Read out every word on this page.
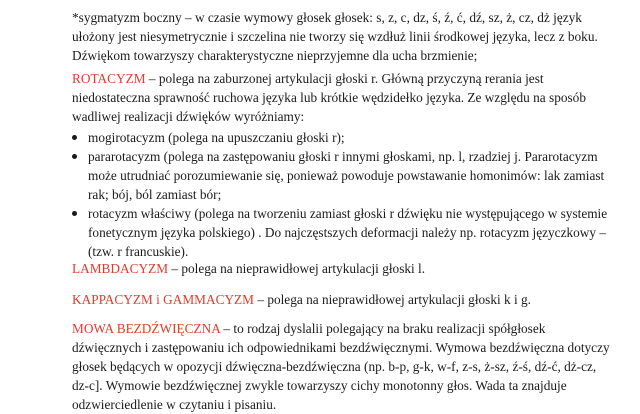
*sygmatyzm boczny – w czasie wymowy głosek głosek: s, z, c, dz, ś, ź, ć, dź, sz, ż, cz, dż język ułożony jest niesymetrycznie i szczelina nie tworzy się wzdłuż linii środkowej języka, lecz z boku. Dźwiękom towarzyszy charakterystyczne nieprzyjemne dla ucha brzmienie;

ROTACYZM – polega na zaburzonej artykulacji głoski r. Główną przyczyną rerania jest niedostateczna sprawność ruchowa języka lub krótkie wędzidełko języka. Ze względu na sposób wadliwej realizacji dźwięków wyróżniamy:

mogirotacyzm (polega na upuszczaniu głoski r);
pararotacyzm (polega na zastępowaniu głoski r innymi głoskami, np. l, rzadziej j. Pararotacyzm może utrudniać porozumiewanie się, ponieważ powoduje powstawanie homonimów: lak zamiast rak; bój, ból zamiast bór;
rotacyzm właściwy (polega na tworzeniu zamiast głoski r dźwięku nie występującego w systemie fonetycznym języka polskiego) . Do najczęstszych deformacji należy np. rotacyzm języczkowy – (tzw. r francuskie).

LAMBDACYZM – polega na nieprawidłowej artykulacji głoski l.

KAPPACYZM i GAMMACYZM – polega na nieprawidłowej artykulacji głoski k i g.

MOWA BEZDŹWIĘCZNA – to rodzaj dyslalii polegający na braku realizacji spółgłosek dźwięcznych i zastępowaniu ich odpowiednikami bezdźwięcznymi. Wymowa bezdźwięczna dotyczy głosek będących w opozycji dźwięczna-bezdźwięczna (np. b-p, g-k, w-f, z-s, ż-sz, ź-ś, dź-ć, dż-cz, dz-c]. Wymowie bezdźwięcznej zwykle towarzyszy cichy monotonny głos. Wada ta znajduje odzwierciedlenie w czytaniu i pisaniu.
